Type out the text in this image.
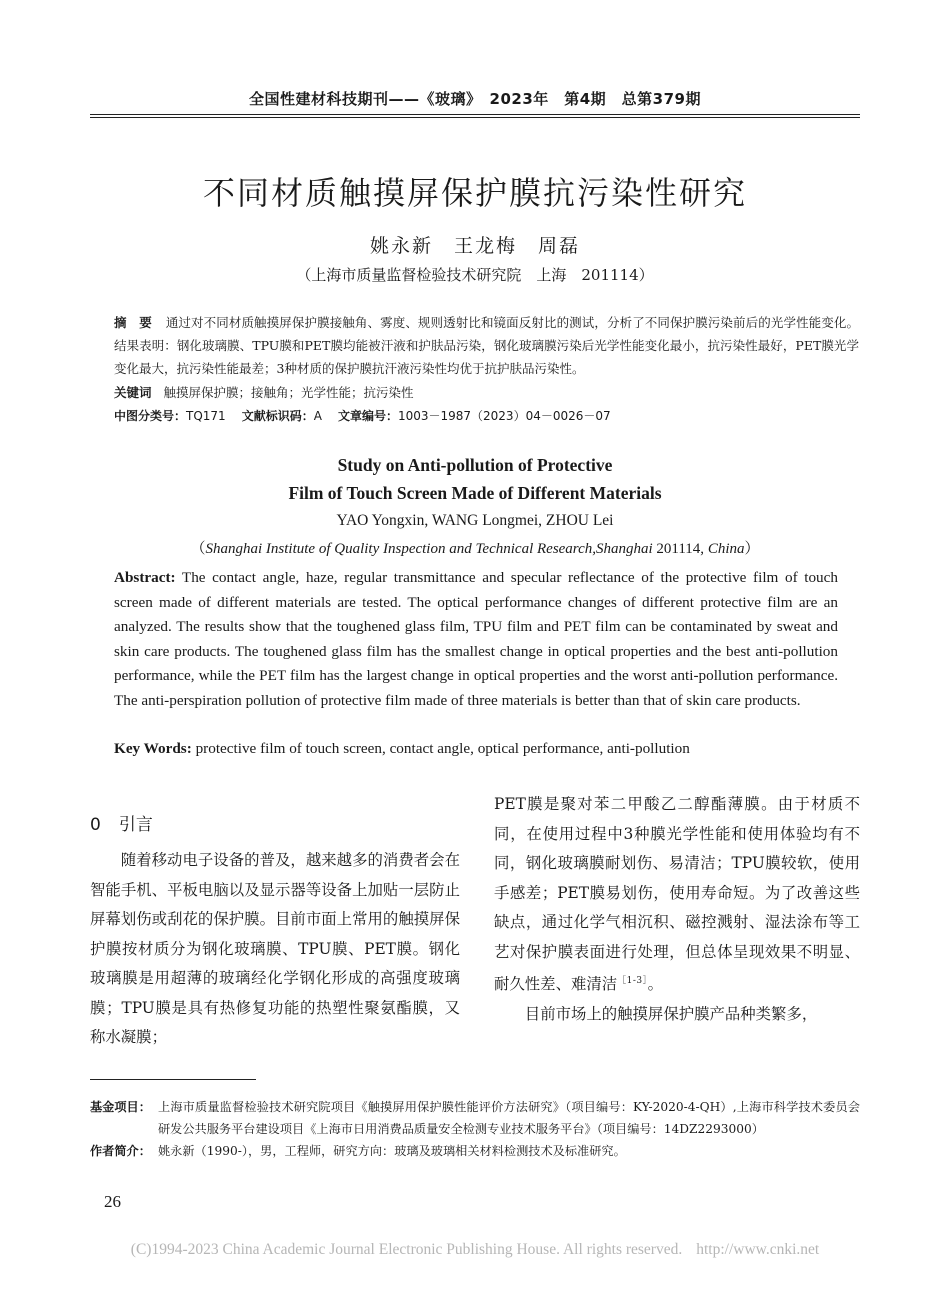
全国性建材科技期刊——《玻璃》　2023年　第4期　总第379期
不同材质触摸屏保护膜抗污染性研究
姚永新　王龙梅　周磊
（上海市质量监督检验技术研究院　上海　201114）
摘　要 通过对不同材质触摸屏保护膜接触角、雾度、规则透射比和镜面反射比的测试，分析了不同保护膜污染前后的光学性能变化。结果表明：钢化玻璃膜、TPU膜和PET膜均能被汗液和护肤品污染，钢化玻璃膜污染后光学性能变化最小，抗污染性最好，PET膜光学变化最大，抗污染性能最差；3种材质的保护膜抗汗液污染性均优于抗护肤品污染性。
关键词 触摸屏保护膜；接触角；光学性能；抗污染性
中图分类号：TQ171 文献标识码：A 文章编号：1003－1987（2023）04－0026－07
Study on Anti-pollution of Protective
Film of Touch Screen Made of Different Materials
YAO Yongxin, WANG Longmei, ZHOU Lei
（Shanghai Institute of Quality Inspection and Technical Research,Shanghai 201114, China）
Abstract: The contact angle, haze, regular transmittance and specular reflectance of the protective film of touch screen made of different materials are tested. The optical performance changes of different protective film are an analyzed. The results show that the toughened glass film, TPU film and PET film can be contaminated by sweat and skin care products. The toughened glass film has the smallest change in optical properties and the best anti-pollution performance, while the PET film has the largest change in optical properties and the worst anti-pollution performance. The anti-perspiration pollution of protective film made of three materials is better than that of skin care products.
Key Words: protective film of touch screen, contact angle, optical performance, anti-pollution
0 引言

随着移动电子设备的普及，越来越多的消费者会在智能手机、平板电脑以及显示器等设备上加贴一层防止屏幕划伤或刮花的保护膜。目前市面上常用的触摸屏保护膜按材质分为钢化玻璃膜、TPU膜、PET膜。钢化玻璃膜是用超薄的玻璃经化学钢化形成的高强度玻璃膜；TPU膜是具有热修复功能的热塑性聚氨酯膜，又称水凝膜；

PET膜是聚对苯二甲酸乙二醇酯薄膜。由于材质不同，在使用过程中3种膜光学性能和使用体验均有不同，钢化玻璃膜耐划伤、易清洁；TPU膜较软，使用手感差；PET膜易划伤，使用寿命短。为了改善这些缺点，通过化学气相沉积、磁控溅射、湿法涂布等工艺对保护膜表面进行处理，但总体呈现效果不明显、耐久性差、难清洁$^{[1-3]}$。

目前市场上的触摸屏保护膜产品种类繁多，

基金项目： 上海市质量监督检验技术研究院项目《触摸屏用保护膜性能评价方法研究》（项目编号：KY-2020-4-QH）,上海市科学技术委员会研发公共服务平台建设项目《上海市日用消费品质量安全检测专业技术服务平台》（项目编号：14DZ2293000）
作者简介： 姚永新（1990-），男，工程师，研究方向：玻璃及玻璃相关材料检测技术及标准研究。
26
(C)1994-2023 China Academic Journal Electronic Publishing House. All rights reserved. http://www.cnki.net
